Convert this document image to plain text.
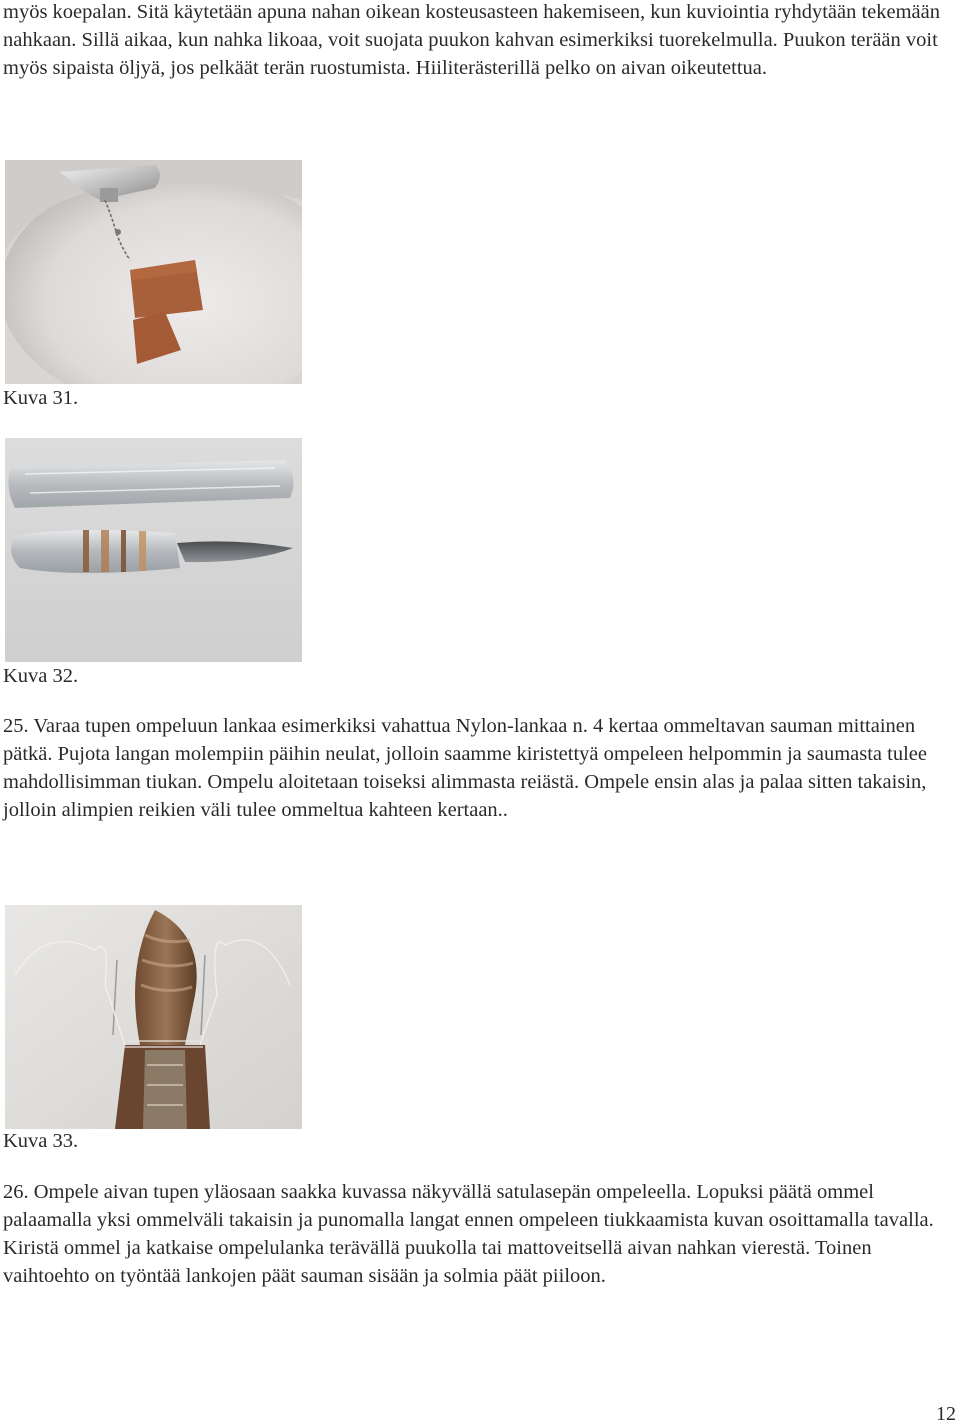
myös koepalan. Sitä käytetään apuna nahan oikean kosteusasteen hakemiseen, kun kuviointia ryhdytään tekemään nahkaan. Sillä aikaa, kun nahka likoaa, voit suojata puukon kahvan esimerkiksi tuorekelmulla. Puukon terään voit myös sipaista öljyä, jos pelkäät terän ruostumista. Hiiliterästerillä pelko on aivan oikeutettua.

Kuva 31.

Kuva 32.

25. Varaa tupen ompeluun lankaa esimerkiksi vahattua Nylon-lankaa n. 4 kertaa ommeltavan sauman mittainen pätkä. Pujota langan molempiin päihin neulat, jolloin saamme kiristettyä ompeleen helpommin ja saumasta tulee mahdollisimman tiukan. Ompelu aloitetaan toiseksi alimmasta reiästä. Ompele ensin alas ja palaa sitten takaisin, jolloin alimpien reikien väli tulee ommeltua kahteen kertaan..

Kuva 33.

26. Ompele aivan tupen yläosaan saakka kuvassa näkyvällä satulasepän ompeleella. Lopuksi päätä ommel palaamalla yksi ommelväli takaisin ja punomalla langat ennen ompeleen tiukkaamista kuvan osoittamalla tavalla. Kiristä ommel ja katkaise ompelulanka terävällä puukolla tai mattoveitsellä aivan nahkan vierestä. Toinen vaihtoehto on työntää lankojen päät sauman sisään ja solmia päät piiloon.

12
